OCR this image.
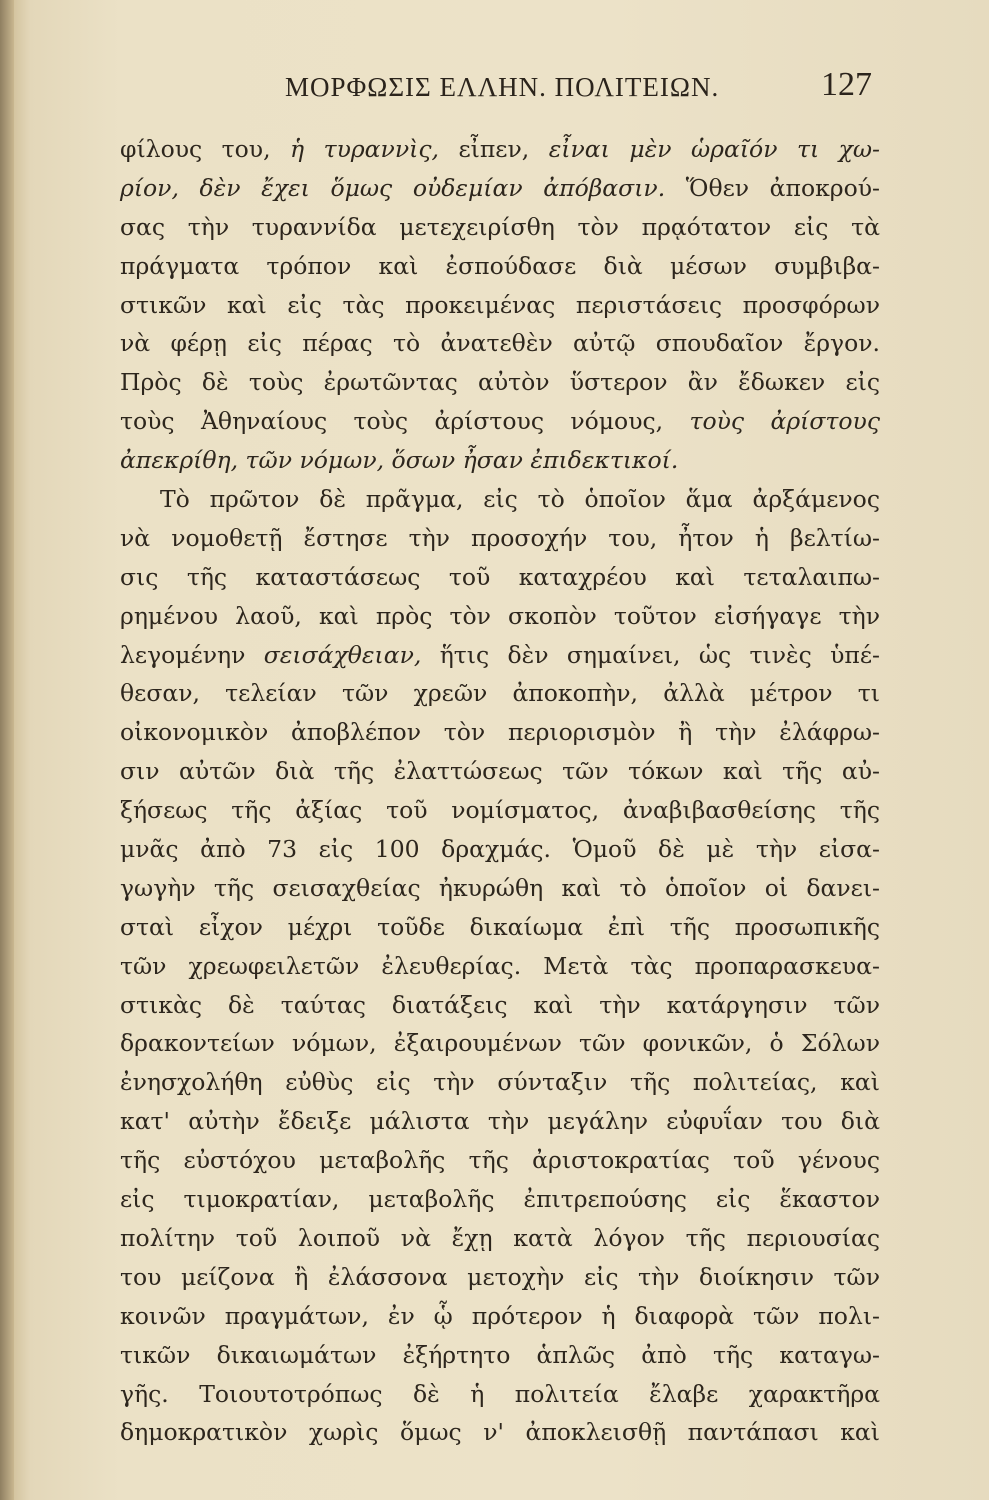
ΜΟΡΦΩΣΙΣ ΕΛΛΗΝ. ΠΟΛΙΤΕΙΩΝ.	127
φίλους του, ἡ τυραννὶς, εἶπεν, εἶναι μὲν ὡραῖόν τι χω-
ρίον, δὲν ἔχει ὅμως οὐδεμίαν ἀπόβασιν. Ὅθεν ἀποκρού-
σας τὴν τυραννίδα μετεχειρίσθη τὸν πρᾳότατον εἰς τὰ
πράγματα τρόπον καὶ ἐσπούδασε διὰ μέσων συμβιβα-
στικῶν καὶ εἰς τὰς προκειμένας περιστάσεις προσφόρων
νὰ φέρῃ εἰς πέρας τὸ ἀνατεθὲν αὐτῷ σπουδαῖον ἔργον.
Πρὸς δὲ τοὺς ἐρωτῶντας αὐτὸν ὕστερον ἂν ἔδωκεν εἰς
τοὺς Ἀθηναίους τοὺς ἀρίστους νόμους, τοὺς ἀρίστους
ἀπεκρίθη, τῶν νόμων, ὅσων ἦσαν ἐπιδεκτικοί.
Τὸ πρῶτον δὲ πρᾶγμα, εἰς τὸ ὁποῖον ἅμα ἀρξάμενος
νὰ νομοθετῇ ἔστησε τὴν προσοχήν του, ἦτον ἡ βελτίω-
σις τῆς καταστάσεως τοῦ καταχρέου καὶ τεταλαιπω-
ρημένου λαοῦ, καὶ πρὸς τὸν σκοπὸν τοῦτον εἰσήγαγε τὴν
λεγομένην σεισάχθειαν, ἥτις δὲν σημαίνει, ὡς τινὲς ὑπέ-
θεσαν, τελείαν τῶν χρεῶν ἀποκοπὴν, ἀλλὰ μέτρον τι
οἰκονομικὸν ἀποβλέπον τὸν περιορισμὸν ἢ τὴν ἐλάφρω-
σιν αὐτῶν διὰ τῆς ἐλαττώσεως τῶν τόκων καὶ τῆς αὐ-
ξήσεως τῆς ἀξίας τοῦ νομίσματος, ἀναβιβασθείσης τῆς
μνᾶς ἀπὸ 73 εἰς 100 δραχμάς. Ὁμοῦ δὲ μὲ τὴν εἰσα-
γωγὴν τῆς σεισαχθείας ἠκυρώθη καὶ τὸ ὁποῖον οἱ δανει-
σταὶ εἶχον μέχρι τοῦδε δικαίωμα ἐπὶ τῆς προσωπικῆς
τῶν χρεωφειλετῶν ἐλευθερίας. Μετὰ τὰς προπαρασκευα-
στικὰς δὲ ταύτας διατάξεις καὶ τὴν κατάργησιν τῶν
δρακοντείων νόμων, ἐξαιρουμένων τῶν φονικῶν, ὁ Σόλων
ἐνησχολήθη εὐθὺς εἰς τὴν σύνταξιν τῆς πολιτείας, καὶ
κατ' αὐτὴν ἔδειξε μάλιστα τὴν μεγάλην εὐφυΐαν του διὰ
τῆς εὐστόχου μεταβολῆς τῆς ἀριστοκρατίας τοῦ γένους
εἰς τιμοκρατίαν, μεταβολῆς ἐπιτρεπούσης εἰς ἕκαστον
πολίτην τοῦ λοιποῦ νὰ ἔχῃ κατὰ λόγον τῆς περιουσίας
του μείζονα ἢ ἐλάσσονα μετοχὴν εἰς τὴν διοίκησιν τῶν
κοινῶν πραγμάτων, ἐν ᾧ πρότερον ἡ διαφορὰ τῶν πολι-
τικῶν δικαιωμάτων ἐξήρτητο ἁπλῶς ἀπὸ τῆς καταγω-
γῆς. Τοιουτοτρόπως δὲ ἡ πολιτεία ἔλαβε χαρακτῆρα
δημοκρατικὸν χωρὶς ὅμως ν' ἀποκλεισθῇ παντάπασι καὶ
